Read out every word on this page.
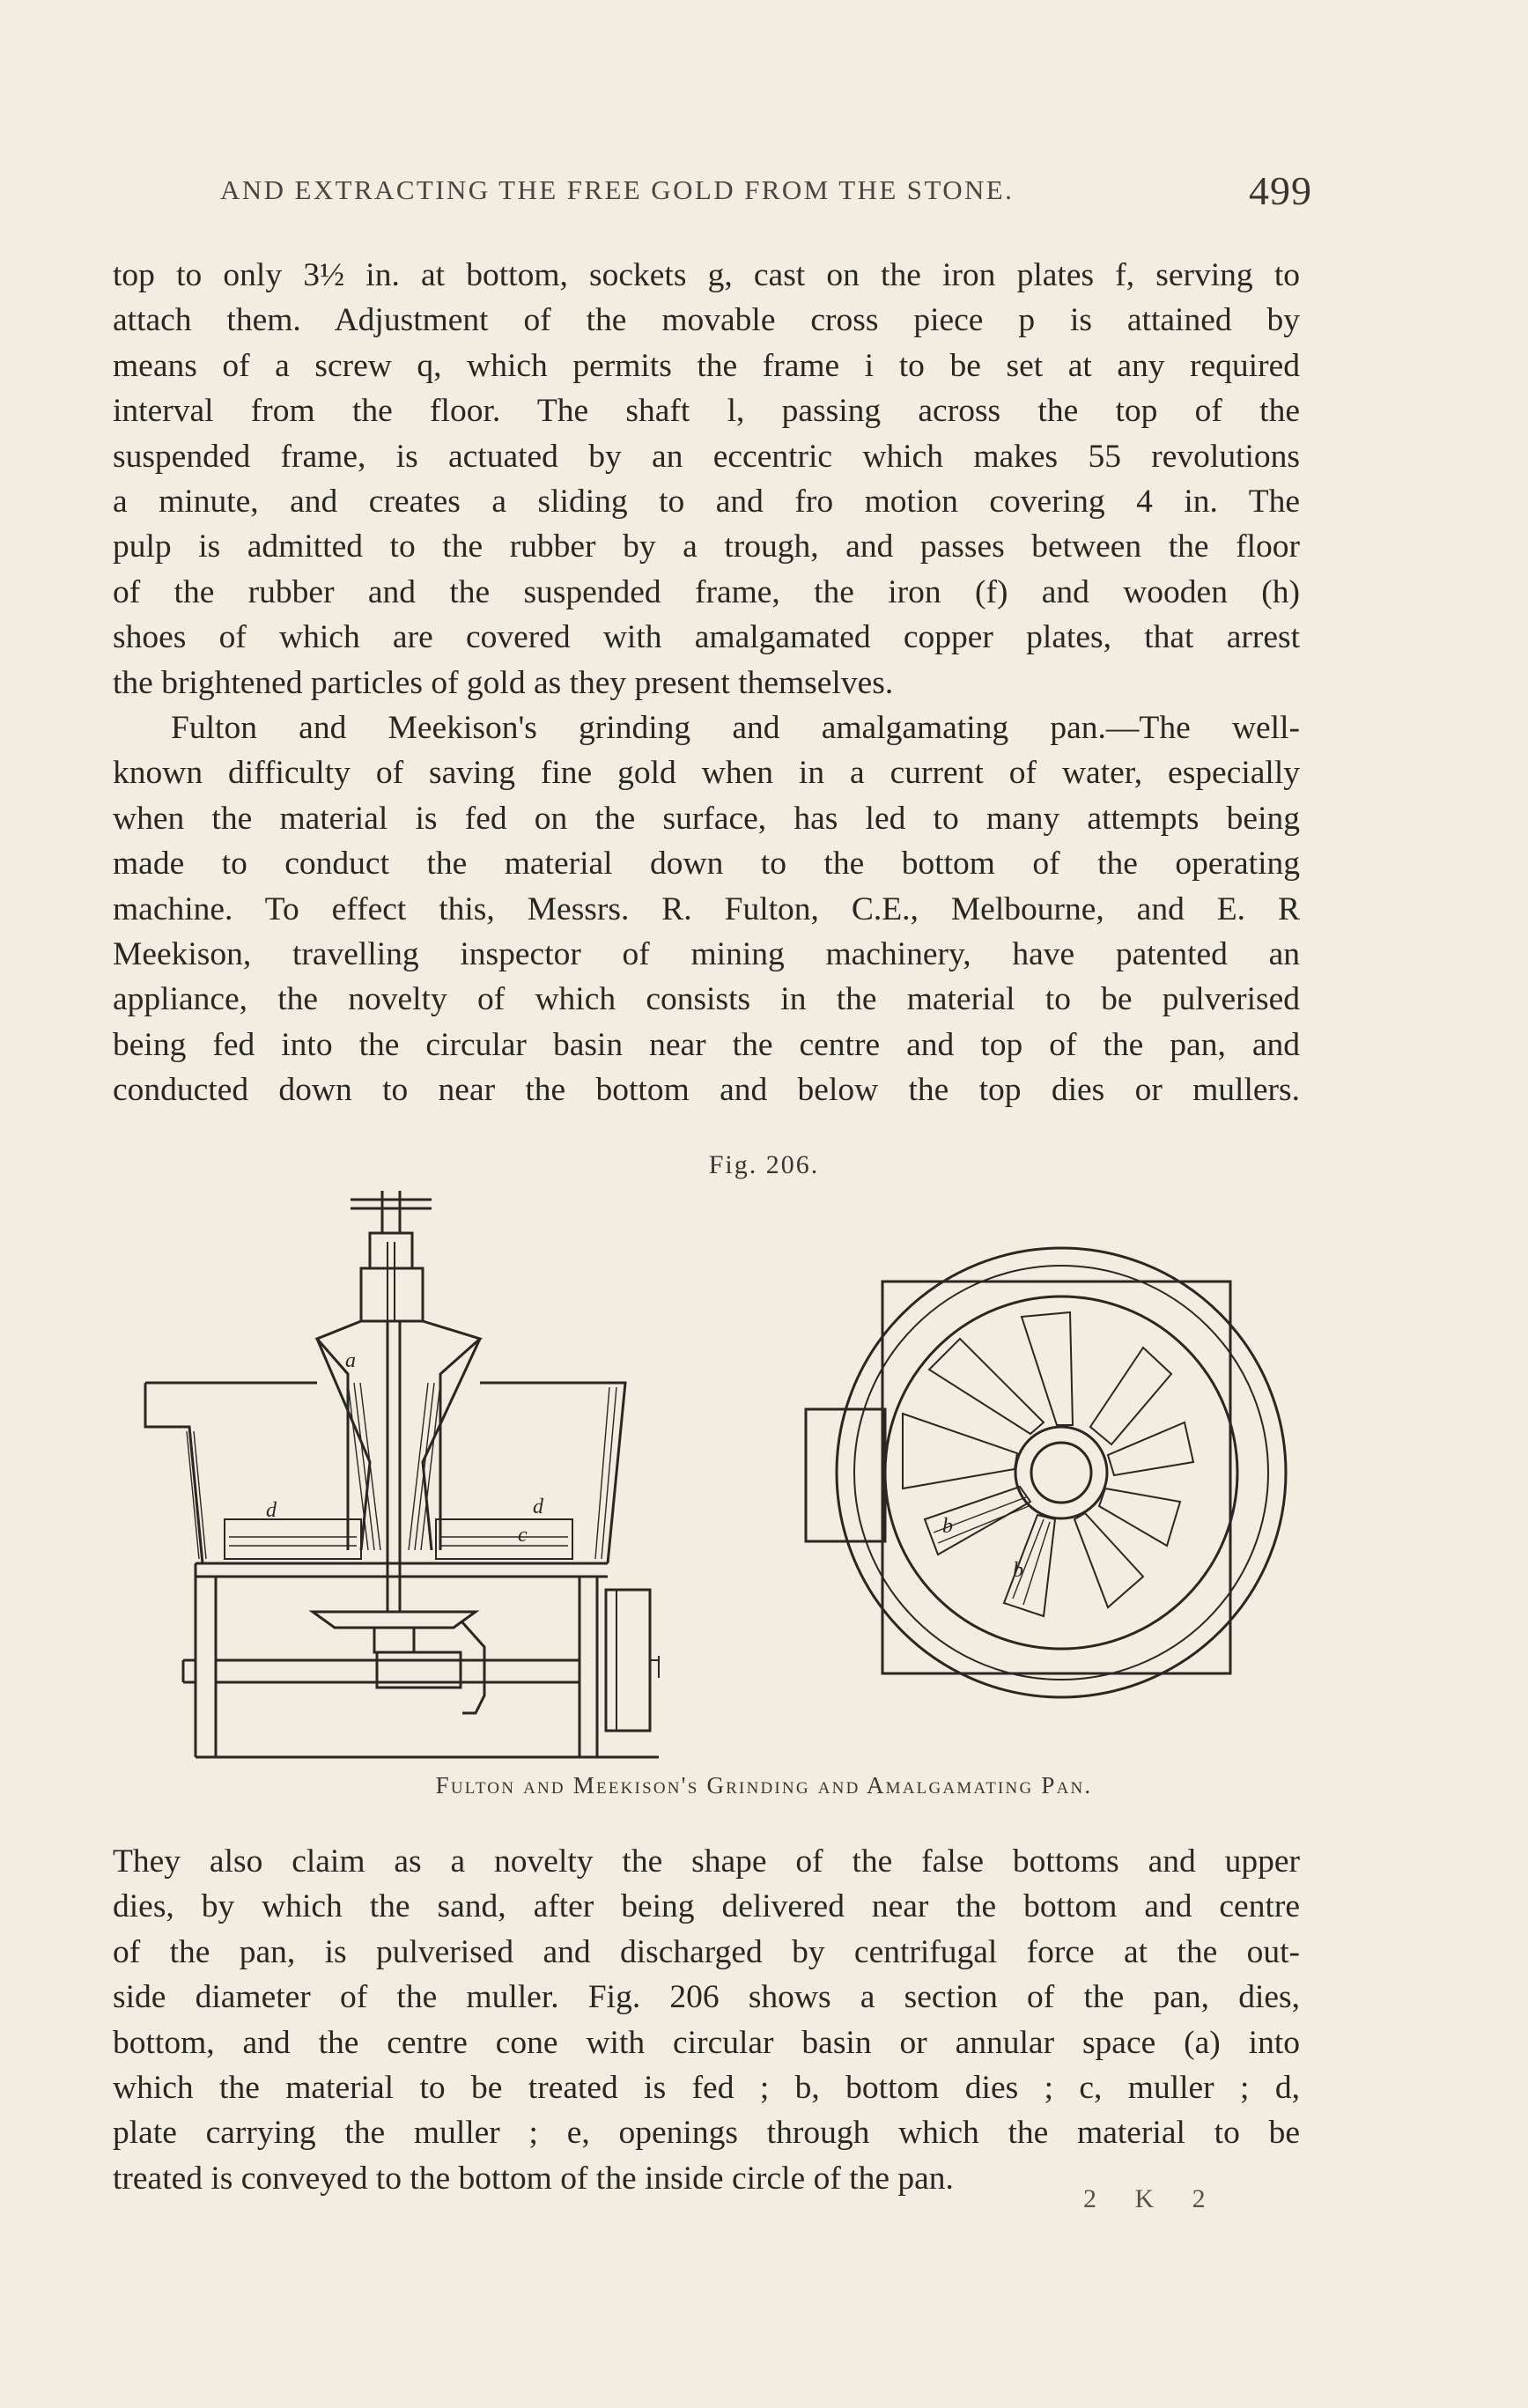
AND EXTRACTING THE FREE GOLD FROM THE STONE.	499
top to only 3½ in. at bottom, sockets g, cast on the iron plates f, serving to
attach them. Adjustment of the movable cross piece p is attained by
means of a screw q, which permits the frame i to be set at any required
interval from the floor. The shaft l, passing across the top of the
suspended frame, is actuated by an eccentric which makes 55 revolutions
a minute, and creates a sliding to and fro motion covering 4 in. The
pulp is admitted to the rubber by a trough, and passes between the floor
of the rubber and the suspended frame, the iron (f) and wooden (h)
shoes of which are covered with amalgamated copper plates, that arrest
the brightened particles of gold as they present themselves.
Fulton and Meekison's grinding and amalgamating pan.—The well-
known difficulty of saving fine gold when in a current of water, especially
when the material is fed on the surface, has led to many attempts being
made to conduct the material down to the bottom of the operating
machine. To effect this, Messrs. R. Fulton, C.E., Melbourne, and E. R
Meekison, travelling inspector of mining machinery, have patented an
appliance, the novelty of which consists in the material to be pulverised
being fed into the circular basin near the centre and top of the pan, and
conducted down to near the bottom and below the top dies or mullers.
Fig. 206.
a
d	d
c	b
b
Fulton and Meekison's Grinding and Amalgamating Pan.
They also claim as a novelty the shape of the false bottoms and upper
dies, by which the sand, after being delivered near the bottom and centre
of the pan, is pulverised and discharged by centrifugal force at the out-
side diameter of the muller. Fig. 206 shows a section of the pan, dies,
bottom, and the centre cone with circular basin or annular space (a) into
which the material to be treated is fed ; b, bottom dies ; c, muller ; d,
plate carrying the muller ; e, openings through which the material to be
treated is conveyed to the bottom of the inside circle of the pan.
2 K 2
